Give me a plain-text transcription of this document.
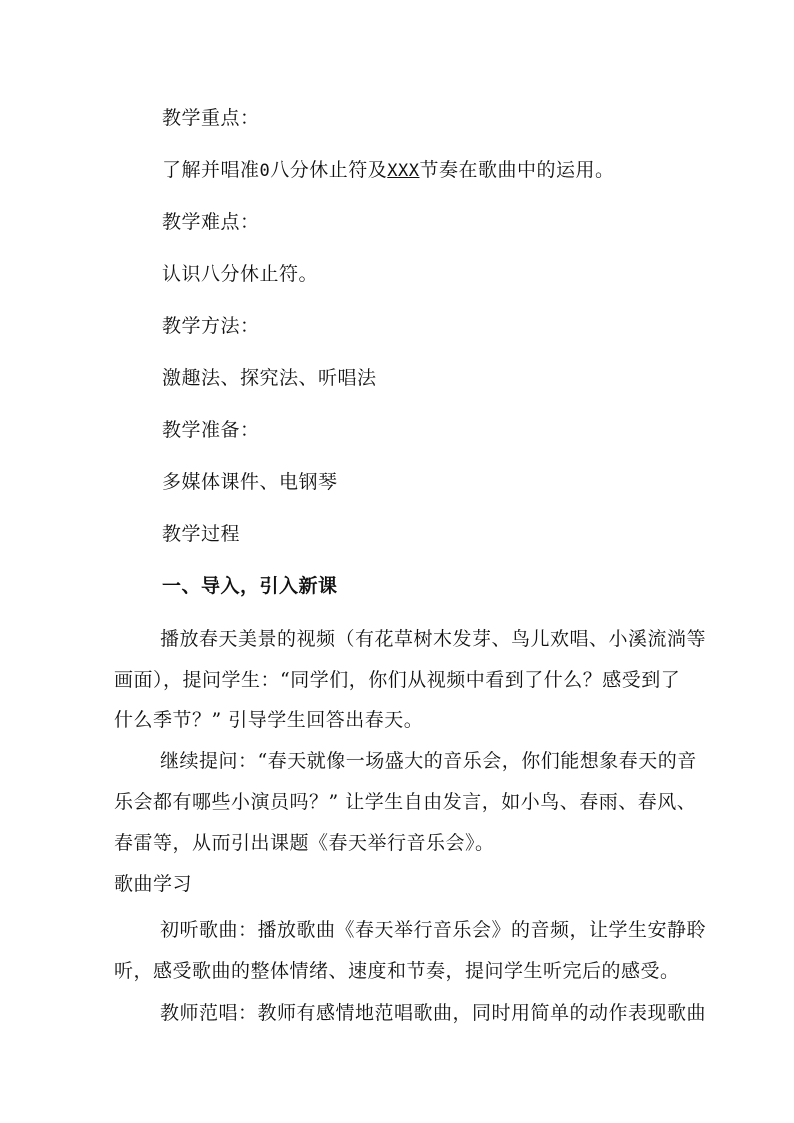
教学重点：
了解并唱准0八分休止符及XXX节奏在歌曲中的运用。
教学难点：
认识八分休止符。
教学方法：
激趣法、探究法、听唱法
教学准备：
多媒体课件、电钢琴
教学过程
一、导入，引入新课
播放春天美景的视频（有花草树木发芽、鸟儿欢唱、小溪流淌等
画面），提问学生：“同学们，你们从视频中看到了什么？感受到了
什么季节？” 引导学生回答出春天。
继续提问：“春天就像一场盛大的音乐会，你们能想象春天的音
乐会都有哪些小演员吗？” 让学生自由发言，如小鸟、春雨、春风、
春雷等，从而引出课题《春天举行音乐会》。
歌曲学习
初听歌曲：播放歌曲《春天举行音乐会》的音频，让学生安静聆
听，感受歌曲的整体情绪、速度和节奏，提问学生听完后的感受。
教师范唱：教师有感情地范唱歌曲，同时用简单的动作表现歌曲
